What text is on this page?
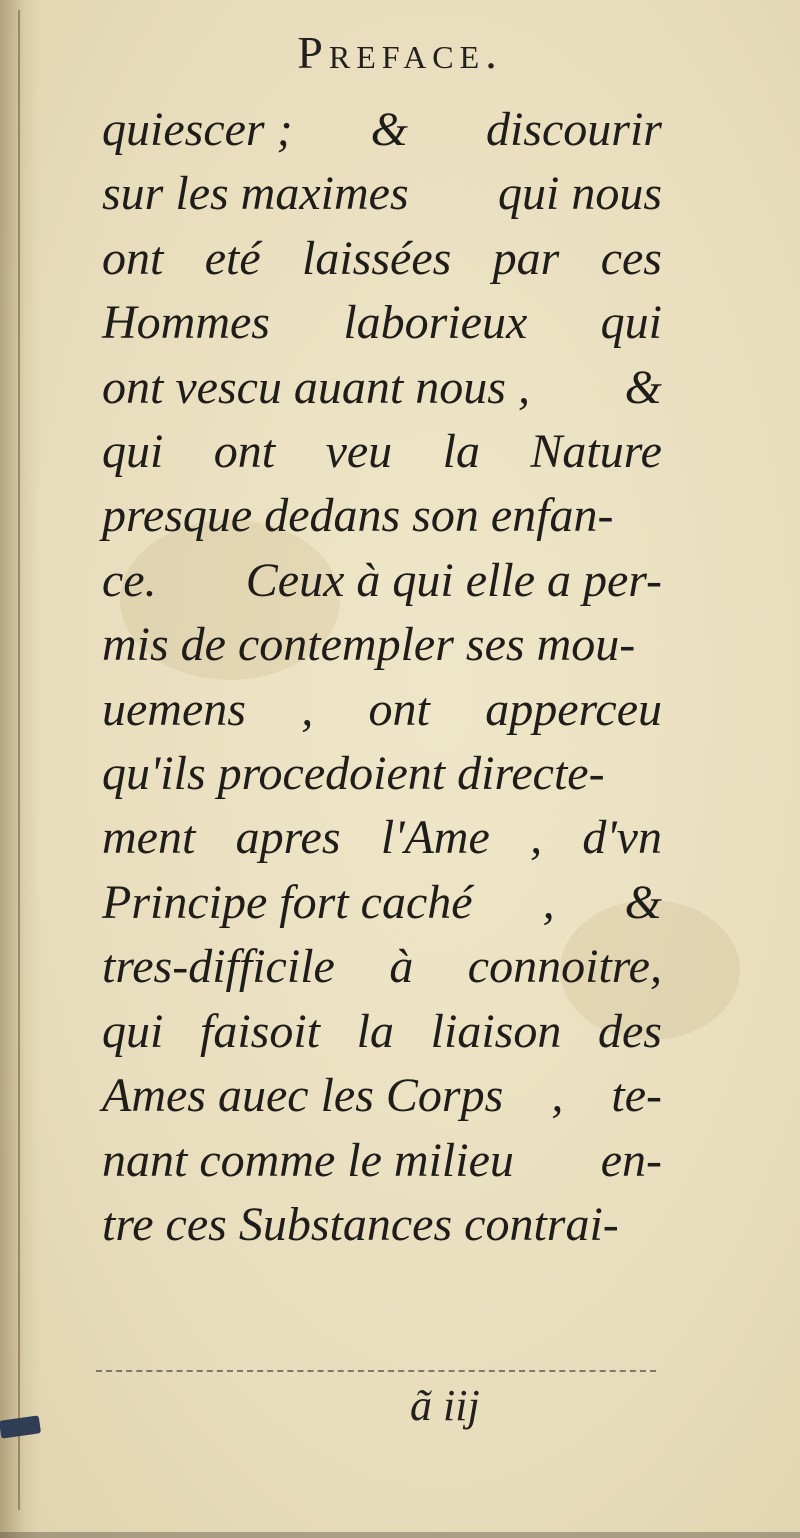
Preface.
quiescer ; & discourir
sur les maximes qui nous
ont eté laissées par ces
Hommes laborieux qui
ont vescu auant nous , &
qui ont veu la Nature
presque dedans son enfan-
ce. Ceux à qui elle a per-
mis de contempler ses mou-
uemens , ont apperceu
qu'ils procedoient directe-
ment apres l'Ame , d'vn
Principe fort caché , &
tres-difficile à connoitre,
qui faisoit la liaison des
Ames auec les Corps , te-
nant comme le milieu en-
tre ces Substances contrai-
ã iij
